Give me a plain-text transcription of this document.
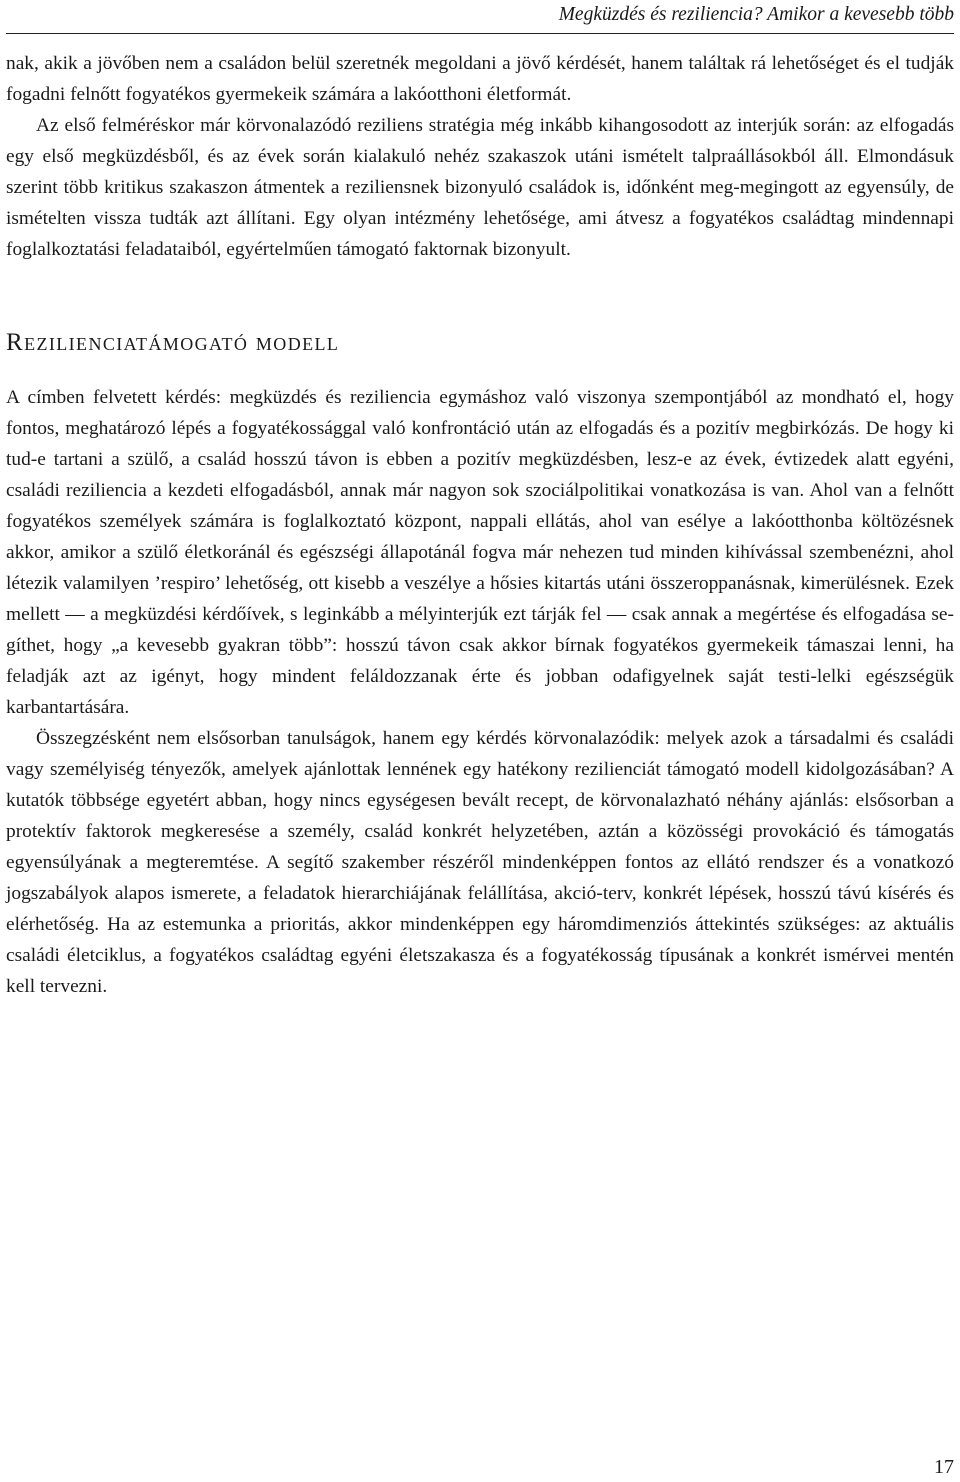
Megküzdés és reziliencia? Amikor a kevesebb több

nak, akik a jövőben nem a családon belül szeretnék megoldani a jövő kérdését, hanem találtak rá lehetőséget és el tudják fogadni felnőtt fogyatékos gyermekeik számára a lakóotthoni életformát.

Az első felméréskor már körvonalazódó reziliens stratégia még inkább kihangosodott az interjúk során: az elfogadás egy első megküzdésből, és az évek során kialakuló nehéz szakaszok utáni ismételt talpraállásokból áll. Elmondásuk szerint több kritikus szakaszon átmentek a reziliensnek bizonyuló családok is, időnként meg-megingott az egyensúly, de ismételten vissza tudták azt állítani. Egy olyan intézmény lehetősége, ami átvesz a fogyatékos családtag mindennapi foglalkoztatási feladataiból, egyértelműen támogató faktornak bizonyult.

Rezilienciatámogató modell

A címben felvetett kérdés: megküzdés és reziliencia egymáshoz való viszonya szempontjából az mondható el, hogy fontos, meghatározó lépés a fogyatékossággal való konfrontáció után az elfogadás és a pozitív megbirkózás. De hogy ki tud-e tartani a szülő, a család hosszú távon is ebben a pozitív megküzdésben, lesz-e az évek, évtizedek alatt egyéni, családi reziliencia a kezdeti elfogadásból, annak már nagyon sok szociálpolitikai vonatkozása is van. Ahol van a felnőtt fogyatékos személyek számára is foglalkoztató központ, nappali ellátás, ahol van esélye a lakóotthonba költözésnek akkor, amikor a szülő életkoránál és egészségi állapotánál fogva már nehezen tud minden kihívással szembenézni, ahol létezik valamilyen ’respiro’ lehetőség, ott kisebb a veszélye a hősies kitartás utáni összeroppanásnak, kimerülésnek. Ezek mellett — a megküzdési kérdőívek, s leginkább a mélyinterjúk ezt tárják fel — csak annak a megértése és elfogadása segíthet, hogy „a kevesebb gyakran több”: hosszú távon csak akkor bírnak fogyatékos gyermekeik támaszai lenni, ha feladják azt az igényt, hogy mindent feláldozzanak érte és jobban odafigyelnek saját testi-lelki egészségük karbantartására.

Összegzésként nem elsősorban tanulságok, hanem egy kérdés körvonalazódik: melyek azok a társadalmi és családi vagy személyiség tényezők, amelyek ajánlottak lennének egy hatékony rezilienciát támogató modell kidolgozásában? A kutatók többsége egyetért abban, hogy nincs egységesen bevált recept, de körvonalazható néhány ajánlás: elsősorban a protektív faktorok megkeresése a személy, család konkrét helyzetében, aztán a közösségi provokáció és támogatás egyensúlyának a megteremtése. A segítő szakember részéről mindenképpen fontos az ellátó rendszer és a vonatkozó jogszabályok alapos ismerete, a feladatok hierarchiájának felállítása, akció-terv, konkrét lépések, hosszú távú kísérés és elérhetőség. Ha az estemunka a prioritás, akkor mindenképpen egy háromdimenziós áttekintés szükséges: az aktuális családi életciklus, a fogyatékos családtag egyéni életszakasza és a fogyatékosság típusának a konkrét ismérvei mentén kell tervezni.

17
